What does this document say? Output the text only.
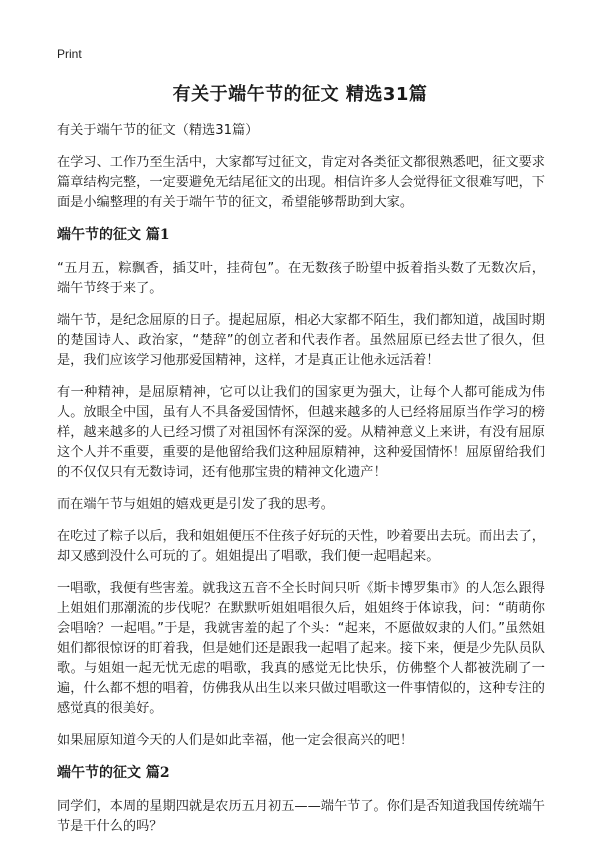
Print
有关于端午节的征文 精选31篇

有关于端午节的征文（精选31篇）

在学习、工作乃至生活中，大家都写过征文，肯定对各类征文都很熟悉吧，征文要求篇章结构完整，一定要避免无结尾征文的出现。相信许多人会觉得征文很难写吧，下面是小编整理的有关于端午节的征文，希望能够帮助到大家。

端午节的征文 篇1

“五月五，粽飘香，插艾叶，挂荷包”。在无数孩子盼望中扳着指头数了无数次后，端午节终于来了。

端午节，是纪念屈原的日子。提起屈原，相必大家都不陌生，我们都知道，战国时期的楚国诗人、政治家，“楚辞”的创立者和代表作者。虽然屈原已经去世了很久，但是，我们应该学习他那爱国精神，这样，才是真正让他永远活着！

有一种精神，是屈原精神，它可以让我们的国家更为强大，让每个人都可能成为伟人。放眼全中国，虽有人不具备爱国情怀，但越来越多的人已经将屈原当作学习的榜样，越来越多的人已经习惯了对祖国怀有深深的爱。从精神意义上来讲，有没有屈原这个人并不重要，重要的是他留给我们这种屈原精神，这种爱国情怀！屈原留给我们的不仅仅只有无数诗词，还有他那宝贵的精神文化遗产！

而在端午节与姐姐的嬉戏更是引发了我的思考。

在吃过了粽子以后，我和姐姐便压不住孩子好玩的天性，吵着要出去玩。而出去了，却又感到没什么可玩的了。姐姐提出了唱歌，我们便一起唱起来。

一唱歌，我便有些害羞。就我这五音不全长时间只听《斯卡博罗集市》的人怎么跟得上姐姐们那潮流的步伐呢？在默默听姐姐唱很久后，姐姐终于体谅我，问：“萌萌你会唱啥？一起唱。”于是，我就害羞的起了个头：“起来，不愿做奴隶的人们。”虽然姐姐们都很惊讶的盯着我，但是她们还是跟我一起唱了起来。接下来，便是少先队员队歌。与姐姐一起无忧无虑的唱歌，我真的感觉无比快乐，仿佛整个人都被洗刷了一遍，什么都不想的唱着，仿佛我从出生以来只做过唱歌这一件事情似的，这种专注的感觉真的很美好。

如果屈原知道今天的人们是如此幸福，他一定会很高兴的吧！

端午节的征文 篇2

同学们，本周的星期四就是农历五月初五——端午节了。你们是否知道我国传统端午节是干什么的吗？
